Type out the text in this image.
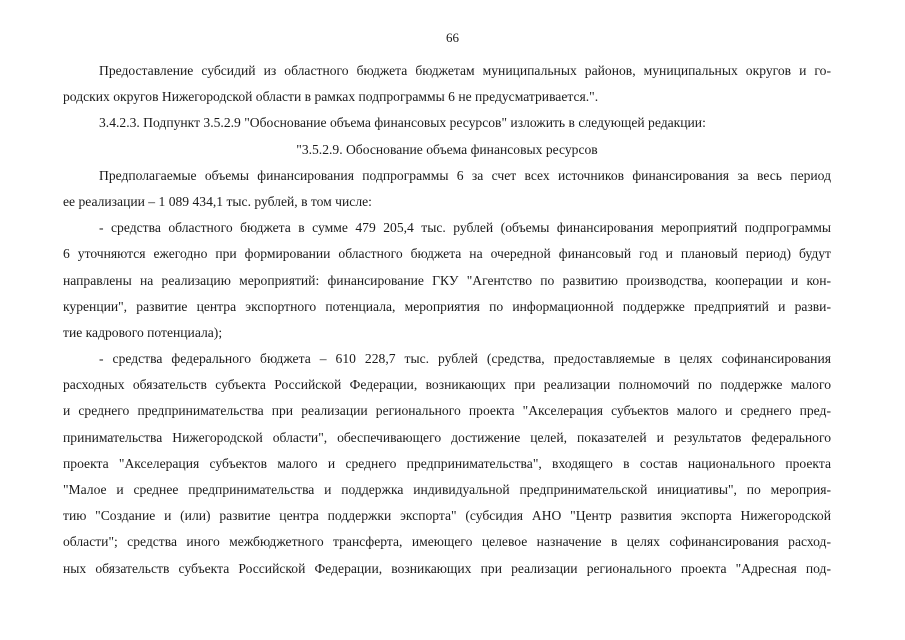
66
Предоставление субсидий из областного бюджета бюджетам муниципальных районов, муниципальных округов и го-
родских округов Нижегородской области в рамках подпрограммы 6 не предусматривается.".
3.4.2.3. Подпункт 3.5.2.9 "Обоснование объема финансовых ресурсов" изложить в следующей редакции:
"3.5.2.9. Обоснование объема финансовых ресурсов
Предполагаемые объемы финансирования подпрограммы 6 за счет всех источников финансирования за весь период
ее реализации – 1 089 434,1 тыс. рублей, в том числе:
- средства областного бюджета в сумме 479 205,4 тыс. рублей (объемы финансирования мероприятий подпрограммы
6 уточняются ежегодно при формировании областного бюджета на очередной финансовый год и плановый период) будут
направлены на реализацию мероприятий: финансирование ГКУ "Агентство по развитию производства, кооперации и кон-
куренции", развитие центра экспортного потенциала, мероприятия по информационной поддержке предприятий и разви-
тие кадрового потенциала);
- средства федерального бюджета – 610 228,7 тыс. рублей (средства, предоставляемые в целях софинансирования
расходных обязательств субъекта Российской Федерации, возникающих при реализации полномочий по поддержке малого
и среднего предпринимательства при реализации регионального проекта "Акселерация субъектов малого и среднего пред-
принимательства Нижегородской области", обеспечивающего достижение целей, показателей и результатов федерального
проекта "Акселерация субъектов малого и среднего предпринимательства", входящего в состав национального проекта
"Малое и среднее предпринимательства и поддержка индивидуальной предпринимательской инициативы", по мероприя-
тию "Создание и (или) развитие центра поддержки экспорта" (субсидия АНО "Центр развития экспорта Нижегородской
области"; средства иного межбюджетного трансферта, имеющего целевое назначение в целях софинансирования расход-
ных обязательств субъекта Российской Федерации, возникающих при реализации регионального проекта "Адресная под-
